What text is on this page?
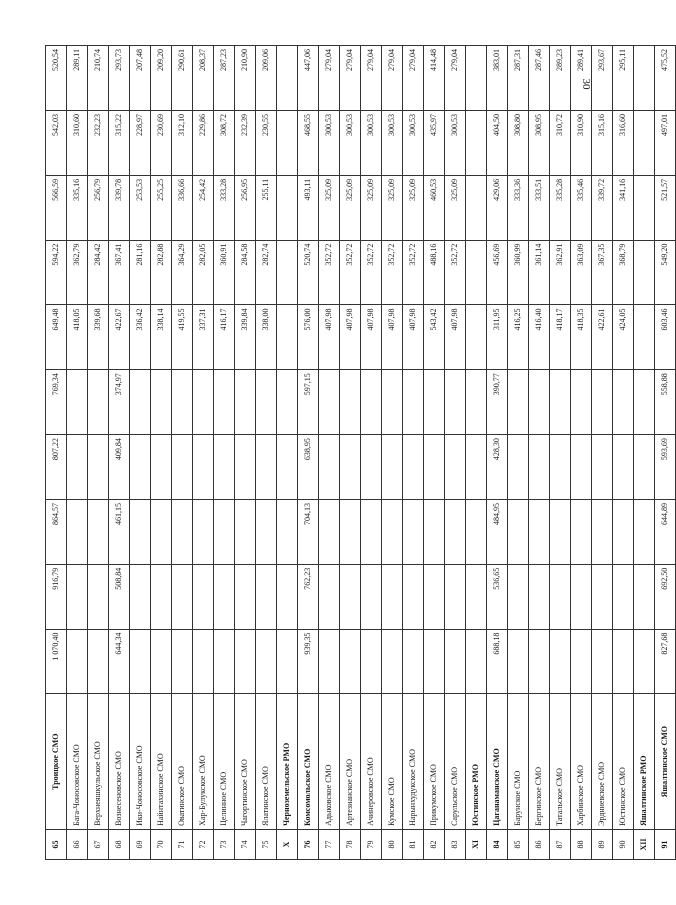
30
65	Троицкое СМО	1 070,40	916,79	864,57	807,22	769,34	649,48	594,22	566,59	542,03	520,54
66	Бага-Чоносовское СМО						418,05	362,79	335,16	310,60	289,11
67	Верхнеяшкульское СМО						339,68	284,42	256,79	232,23	210,74
68	Вознесеновское СМО	644,34	508,84	461,15	409,84	374,97	422,67	367,41	339,78	315,22	293,73
69	Ики-Чоносовское СМО						336,42	281,16	253,53	228,97	207,48
70	Найнтахинское СМО						338,14	282,88	255,25	230,69	209,20
71	Оватинское СМО						419,55	364,29	336,66	312,10	290,61
72	Хар-Булукское СМО						337,31	282,05	254,42	229,86	208,37
73	Целинное СМО						416,17	360,91	333,28	308,72	287,23
74	Чагортинское СМО						339,84	284,58	256,95	232,39	210,90
75	Ялатинское СМО						338,00	282,74	255,11	230,55	209,06
X	Черноземельское РМО										
76	Комсомольское СМО	939,35	762,23	704,13	638,95	597,15	576,00	520,74	493,11	468,55	447,06
77	Адыковское СМО						407,98	352,72	325,09	300,53	279,04
78	Артезианское СМО						407,98	352,72	325,09	300,53	279,04
79	Ачинеровское СМО						407,98	352,72	325,09	300,53	279,04
80	Кумское СМО						407,98	352,72	325,09	300,53	279,04
81	Нарынхудукское СМО						407,98	352,72	325,09	300,53	279,04
82	Прикумское СМО						543,42	488,16	460,53	435,97	414,48
83	Сарульское СМО						407,98	352,72	325,09	300,53	279,04
XI	Юстинское РМО										
84	Цаганаманское СМО	688,18	536,65	484,95	428,30	390,77	311,95	456,69	429,06	404,50	383,01
85	Барунское СМО						416,25	360,99	333,36	308,80	287,31
86	Бергинское СМО						416,40	361,14	333,51	308,95	287,46
87	Татальское СМО						418,17	362,91	335,28	310,72	289,23
88	Харбинское СМО						418,35	363,09	335,46	310,90	289,41
89	Эрдниевское СМО						422,61	367,35	339,72	315,16	293,67
90	Юстинское СМО						424,05	368,79	341,16	316,60	295,11
XII	Яшалтинское РМО										
91	Яшалтинское СМО	827,68	692,50	644,89	593,69	558,88	603,46	549,20	521,57	497,01	475,52
